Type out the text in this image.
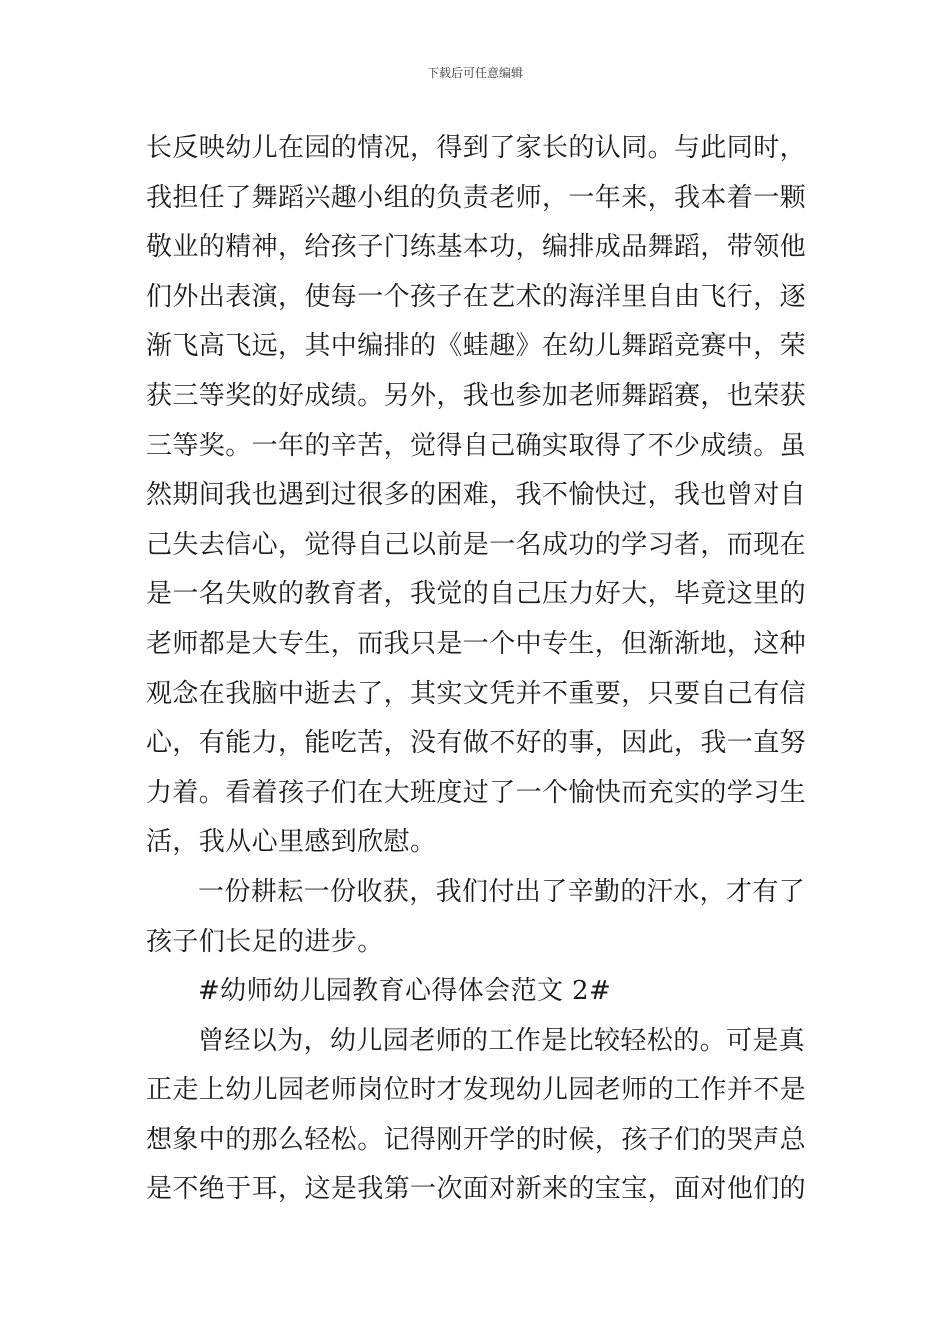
下载后可任意编辑
长反映幼儿在园的情况，得到了家长的认同。与此同时，
我担任了舞蹈兴趣小组的负责老师，一年来，我本着一颗
敬业的精神，给孩子门练基本功，编排成品舞蹈，带领他
们外出表演，使每一个孩子在艺术的海洋里自由飞行，逐
渐飞高飞远，其中编排的《蛙趣》在幼儿舞蹈竞赛中，荣
获三等奖的好成绩。另外，我也参加老师舞蹈赛，也荣获
三等奖。一年的辛苦，觉得自己确实取得了不少成绩。虽
然期间我也遇到过很多的困难，我不愉快过，我也曾对自
己失去信心，觉得自己以前是一名成功的学习者，而现在
是一名失败的教育者，我觉的自己压力好大，毕竟这里的
老师都是大专生，而我只是一个中专生，但渐渐地，这种
观念在我脑中逝去了，其实文凭并不重要，只要自己有信
心，有能力，能吃苦，没有做不好的事，因此，我一直努
力着。看着孩子们在大班度过了一个愉快而充实的学习生
活，我从心里感到欣慰。
一份耕耘一份收获，我们付出了辛勤的汗水，才有了
孩子们长足的进步。
#幼师幼儿园教育心得体会范文 2#
曾经以为，幼儿园老师的工作是比较轻松的。可是真
正走上幼儿园老师岗位时才发现幼儿园老师的工作并不是
想象中的那么轻松。记得刚开学的时候，孩子们的哭声总
是不绝于耳，这是我第一次面对新来的宝宝，面对他们的
